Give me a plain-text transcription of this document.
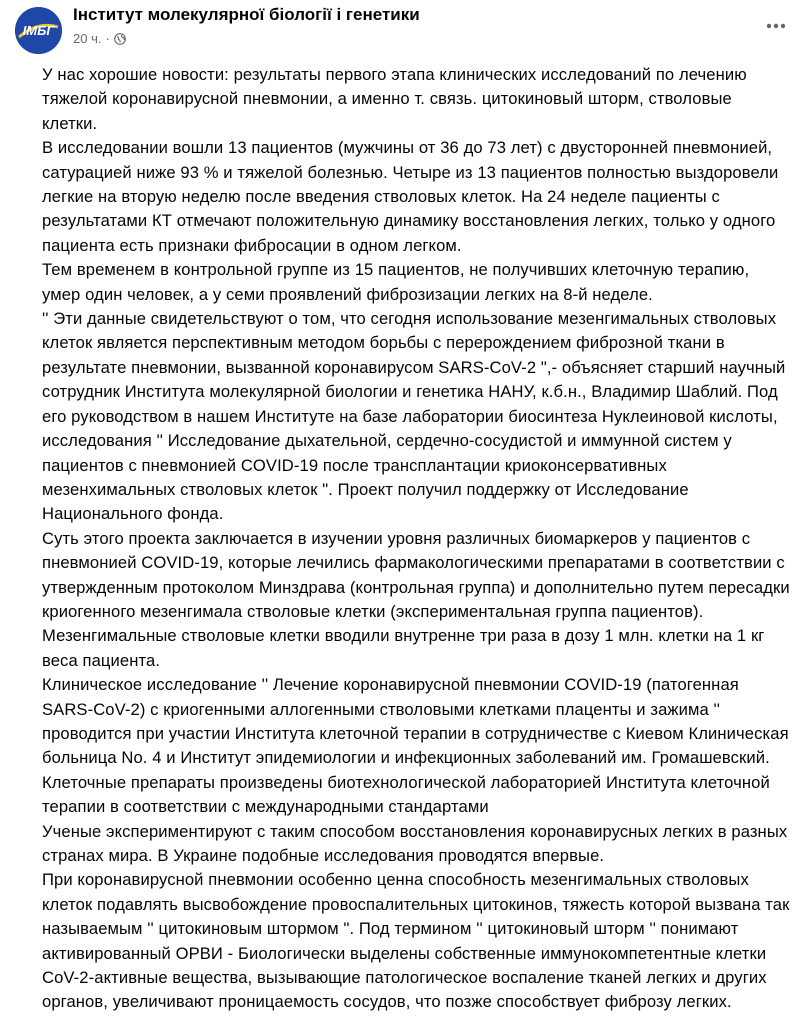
ІМБГ
Інститут молекулярної біології і генетики
20 ч. ·

У нас хорошие новости: результаты первого этапа клинических исследований по лечению тяжелой коронавирусной пневмонии, а именно т. связь. цитокиновый шторм, стволовые клетки.

В исследовании вошли 13 пациентов (мужчины от 36 до 73 лет) с двусторонней пневмонией, сатурацией ниже 93 % и тяжелой болезнью. Четыре из 13 пациентов полностью выздоровели легкие на вторую неделю после введения стволовых клеток. На 24 неделе пациенты с результатами КТ отмечают положительную динамику восстановления легких, только у одного пациента есть признаки фибросации в одном легком.

Тем временем в контрольной группе из 15 пациентов, не получивших клеточную терапию, умер один человек, а у семи проявлений фиброзизации легких на 8-й неделе.

'' Эти данные свидетельствуют о том, что сегодня использование мезенгимальных стволовых клеток является перспективным методом борьбы с перерождением фиброзной ткани в результате пневмонии, вызванной коронавирусом SARS-CoV-2 ",- объясняет старший научный сотрудник Института молекулярной биологии и генетика НАНУ, к.б.н., Владимир Шаблий. Под его руководством в нашем Институте на базе лаборатории биосинтеза Нуклеиновой кислоты, исследования '' Исследование дыхательной, сердечно-сосудистой и иммунной систем у пациентов с пневмонией COVID-19 после трансплантации криоконсервативных мезенхимальных стволовых клеток ". Проект получил поддержку от Исследование Национального фонда.

Суть этого проекта заключается в изучении уровня различных биомаркеров у пациентов с пневмонией COVID-19, которые лечились фармакологическими препаратами в соответствии с утвержденным протоколом Минздрава (контрольная группа) и дополнительно путем пересадки криогенного мезенгимала стволовые клетки (экспериментальная группа пациентов). Мезенгимальные стволовые клетки вводили внутренне три раза в дозу 1 млн. клетки на 1 кг веса пациента.

Клиническое исследование '' Лечение коронавирусной пневмонии COVID-19 (патогенная SARS-CoV-2) с криогенными аллогенными стволовыми клетками плаценты и зажима '' проводится при участии Института клеточной терапии в сотрудничестве с Киевом Клиническая больница No. 4 и Институт эпидемиологии и инфекционных заболеваний им. Громашевский. Клеточные препараты произведены биотехнологической лабораторией Института клеточной терапии в соответствии с международными стандартами

Ученые экспериментируют с таким способом восстановления коронавирусных легких в разных странах мира. В Украине подобные исследования проводятся впервые.

При коронавирусной пневмонии особенно ценна способность мезенгимальных стволовых клеток подавлять высвобождение провоспалительных цитокинов, тяжесть которой вызвана так называемым '' цитокиновым штормом ". Под термином '' цитокиновый шторм '' понимают активированный ОРВИ - Биологически выделены собственные иммунокомпетентные клетки CoV-2-активные вещества, вызывающие патологическое воспаление тканей легких и других органов, увеличивают проницаемость сосудов, что позже способствует фиброзу легких.
